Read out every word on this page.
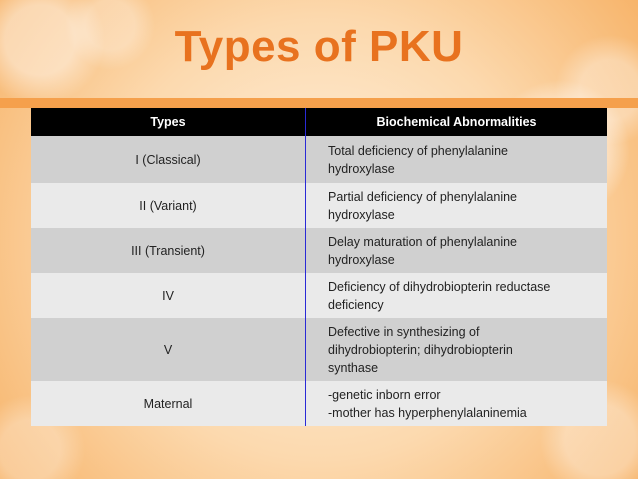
Types of PKU
Types	Biochemical Abnormalities
I (Classical)	Total deficiency of phenylalanine
hydroxylase

II (Variant)	Partial deficiency of phenylalanine
hydroxylase

III (Transient)	Delay maturation of phenylalanine
hydroxylase

IV	Deficiency of dihydrobiopterin reductase
deficiency

V	Defective in synthesizing of
dihydrobiopterin; dihydrobiopterin
synthase

Maternal	-genetic inborn error
-mother has hyperphenylalaninemia
